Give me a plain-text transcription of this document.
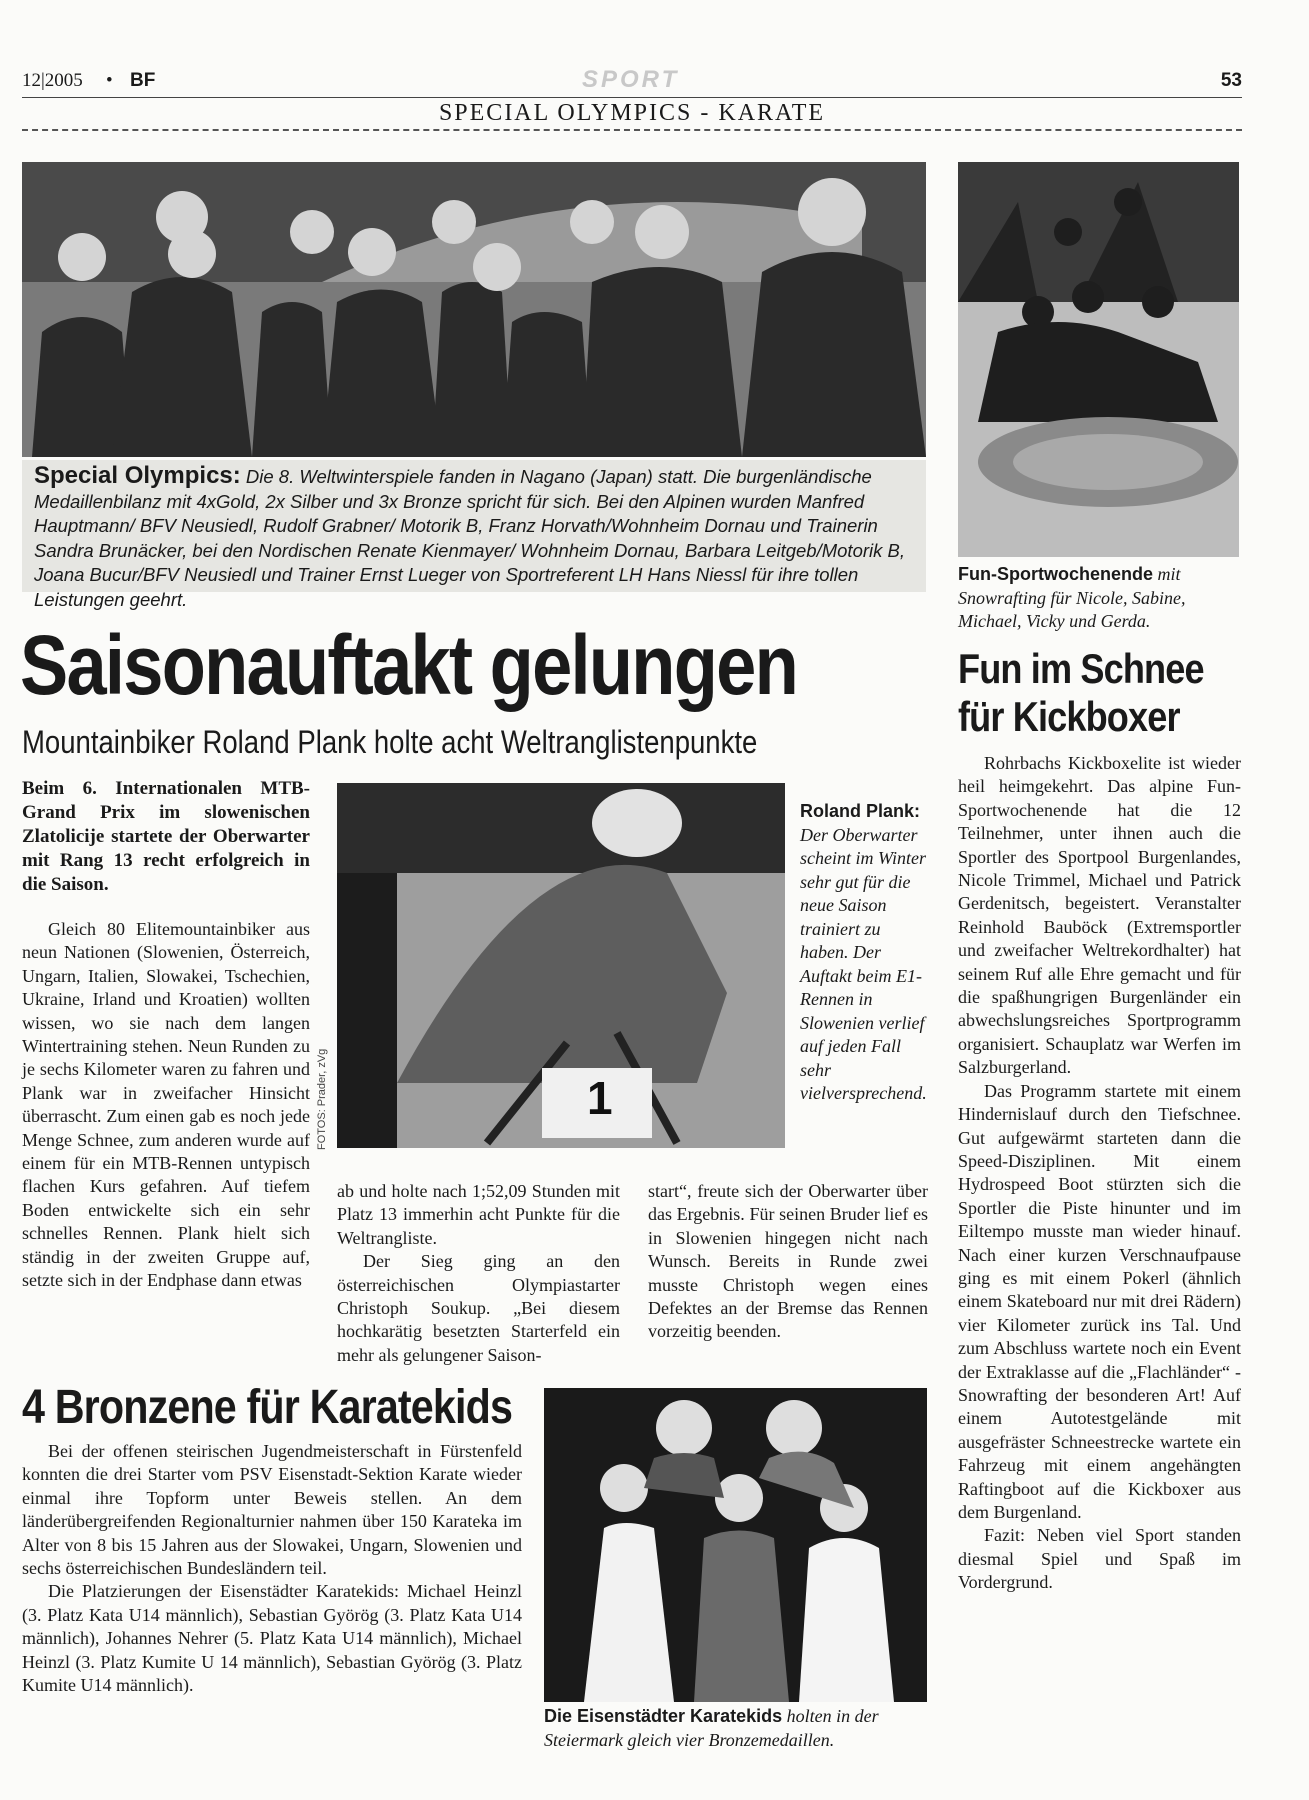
12|2005 • BF	SPORT	53
SPECIAL OLYMPICS - KARATE
Special Olympics: Die 8. Weltwinterspiele fanden in Nagano (Japan) statt. Die burgenländische Medaillenbilanz mit 4xGold, 2x Silber und 3x Bronze spricht für sich. Bei den Alpinen wurden Manfred Hauptmann/ BFV Neusiedl, Rudolf Grabner/ Motorik B, Franz Horvath/Wohnheim Dornau und Trainerin Sandra Brunäcker, bei den Nordischen Renate Kienmayer/ Wohnheim Dornau, Barbara Leitgeb/Motorik B, Joana Bucur/BFV Neusiedl und Trainer Ernst Lueger von Sportreferent LH Hans Niessl für ihre tollen Leistungen geehrt.
Fun-Sportwochenende mit Snowrafting für Nicole, Sabine, Michael, Vicky und Gerda.
Saisonauftakt gelungen
Mountainbiker Roland Plank holte acht Weltranglistenpunkte
Beim 6. Internationalen MTB-Grand Prix im slowenischen Zlatolicije startete der Oberwarter mit Rang 13 recht erfolgreich in die Saison.

Gleich 80 Elitemountainbiker aus neun Nationen (Slowenien, Österreich, Ungarn, Italien, Slowakei, Tschechien, Ukraine, Irland und Kroatien) wollten wissen, wo sie nach dem langen Wintertraining stehen. Neun Runden zu je sechs Kilometer waren zu fahren und Plank war in zweifacher Hinsicht überrascht. Zum einen gab es noch jede Menge Schnee, zum anderen wurde auf einem für ein MTB-Rennen untypisch flachen Kurs gefahren. Auf tiefem Boden entwickelte sich ein sehr schnelles Rennen. Plank hielt sich ständig in der zweiten Gruppe auf, setzte sich in der Endphase dann etwas

1
FOTOS: Prader, zVg
Roland Plank:
Der Oberwarter scheint im Winter sehr gut für die neue Saison trainiert zu haben. Der Auftakt beim E1-Rennen in Slowenien verlief auf jeden Fall sehr vielversprechend.

ab und holte nach 1;52,09 Stunden mit Platz 13 immerhin acht Punkte für die Weltrangliste.

Der Sieg ging an den österreichischen Olympiastarter Christoph Soukup. „Bei diesem hochkarätig besetzten Starterfeld ein mehr als gelungener Saison-

start“, freute sich der Oberwarter über das Ergebnis. Für seinen Bruder lief es in Slowenien hingegen nicht nach Wunsch. Bereits in Runde zwei musste Christoph wegen eines Defektes an der Bremse das Rennen vorzeitig beenden.

4 Bronzene für Karatekids

Bei der offenen steirischen Jugendmeisterschaft in Fürstenfeld konnten die drei Starter vom PSV Eisenstadt-Sektion Karate wieder einmal ihre Topform unter Beweis stellen. An dem länderübergreifenden Regionalturnier nahmen über 150 Karateka im Alter von 8 bis 15 Jahren aus der Slowakei, Ungarn, Slowenien und sechs österreichischen Bundesländern teil.

Die Platzierungen der Eisenstädter Karatekids: Michael Heinzl (3. Platz Kata U14 männlich), Sebastian Györög (3. Platz Kata U14 männlich), Johannes Nehrer (5. Platz Kata U14 männlich), Michael Heinzl (3. Platz Kumite U 14 männlich), Sebastian Györög (3. Platz Kumite U14 männlich).

Die Eisenstädter Karatekids holten in der Steiermark gleich vier Bronzemedaillen.
Fun im Schnee für Kickboxer

Rohrbachs Kickboxelite ist wieder heil heimgekehrt. Das alpine Fun- Sportwochenende hat die 12 Teilnehmer, unter ihnen auch die Sportler des Sportpool Burgenlandes, Nicole Trimmel, Michael und Patrick Gerdenitsch, begeistert. Veranstalter Reinhold Bauböck (Extremsportler und zweifacher Weltrekordhalter) hat seinem Ruf alle Ehre gemacht und für die spaßhungrigen Burgenländer ein abwechslungsreiches Sportprogramm organisiert. Schauplatz war Werfen im Salzburgerland.

Das Programm startete mit einem Hindernislauf durch den Tiefschnee. Gut aufgewärmt starteten dann die Speed-Disziplinen. Mit einem Hydrospeed Boot stürzten sich die Sportler die Piste hinunter und im Eiltempo musste man wieder hinauf. Nach einer kurzen Verschnaufpause ging es mit einem Pokerl (ähnlich einem Skateboard nur mit drei Rädern) vier Kilometer zurück ins Tal. Und zum Abschluss wartete noch ein Event der Extraklasse auf die „Flachländer“ - Snowrafting der besonderen Art! Auf einem Autotestgelände mit ausgefräster Schneestrecke wartete ein Fahrzeug mit einem angehängten Raftingboot auf die Kickboxer aus dem Burgenland.

Fazit: Neben viel Sport standen diesmal Spiel und Spaß im Vordergrund.
